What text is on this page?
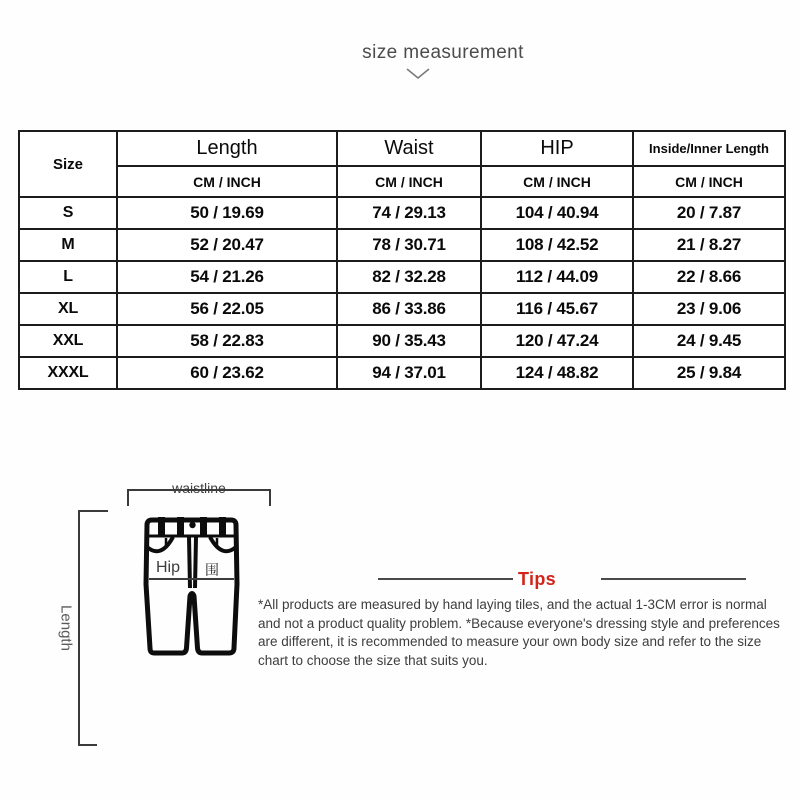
size measurement
Size	Length	Waist	HIP	Inside/Inner Length
	CM / INCH	CM / INCH	CM / INCH	CM / INCH
S	50 / 19.69	74 / 29.13	104 / 40.94	20 / 7.87
M	52 / 20.47	78 / 30.71	108 / 42.52	21 / 8.27
L	54 / 21.26	82 / 32.28	112 / 44.09	22 / 8.66
XL	56 / 22.05	86 / 33.86	116 / 45.67	23 / 9.06
XXL	58 / 22.83	90 / 35.43	120 / 47.24	24 / 9.45
XXXL	60 / 23.62	94 / 37.01	124 / 48.82	25 / 9.84
waistline
Length
Hip 围	Tips
*All products are measured by hand laying tiles, and the actual 1-3CM error is normal and not a product quality problem. *Because everyone's dressing style and preferences are different, it is recommended to measure your own body size and refer to the size chart to choose the size that suits you.
